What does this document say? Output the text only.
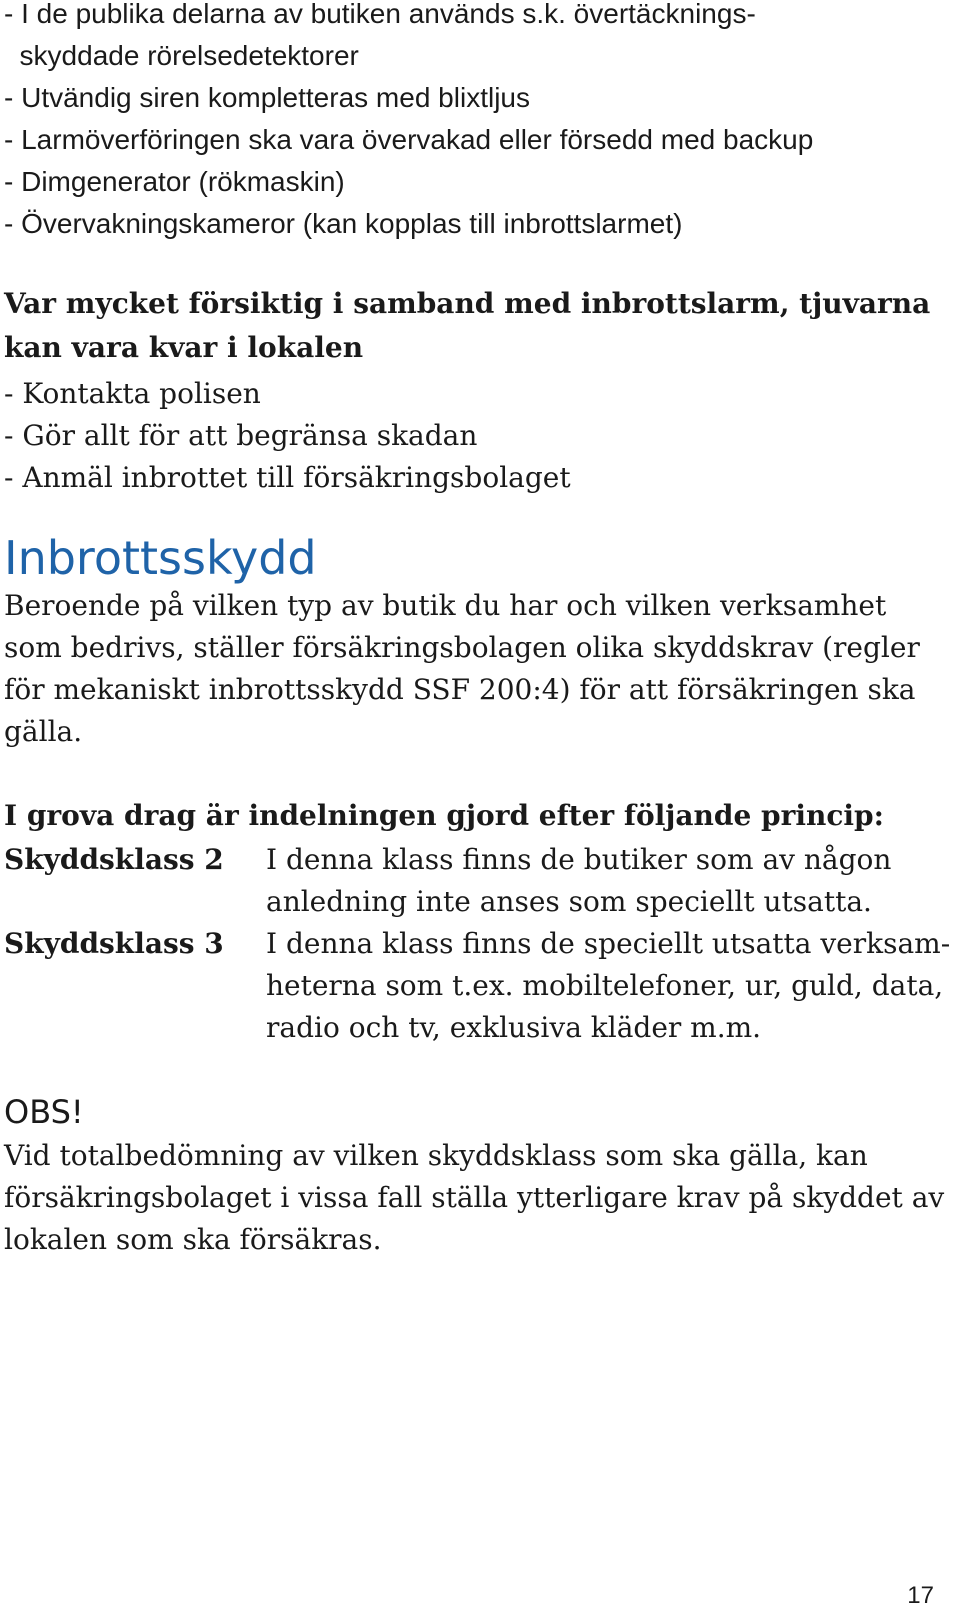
- I de publika delarna av butiken används s.k. övertäcknings-
skyddade rörelsedetektorer
- Utvändig siren kompletteras med blixtljus
- Larmöverföringen ska vara övervakad eller försedd med backup
- Dimgenerator (rökmaskin)
- Övervakningskameror (kan kopplas till inbrottslarmet)
Var mycket försiktig i samband med inbrottslarm, tjuvarna
kan vara kvar i lokalen
- Kontakta polisen
- Gör allt för att begränsa skadan
- Anmäl inbrottet till försäkringsbolaget
Inbrottsskydd
Beroende på vilken typ av butik du har och vilken verksamhet
som bedrivs, ställer försäkringsbolagen olika skyddskrav (regler
för mekaniskt inbrottsskydd SSF 200:4) för att försäkringen ska
gälla.
I grova drag är indelningen gjord efter följande princip:
Skyddsklass 2 I denna klass finns de butiker som av någon
anledning inte anses som speciellt utsatta.
Skyddsklass 3 I denna klass finns de speciellt utsatta verksam-
heterna som t.ex. mobiltelefoner, ur, guld, data,
radio och tv, exklusiva kläder m.m.
OBS!
Vid totalbedömning av vilken skyddsklass som ska gälla, kan
försäkringsbolaget i vissa fall ställa ytterligare krav på skyddet av
lokalen som ska försäkras.
17
